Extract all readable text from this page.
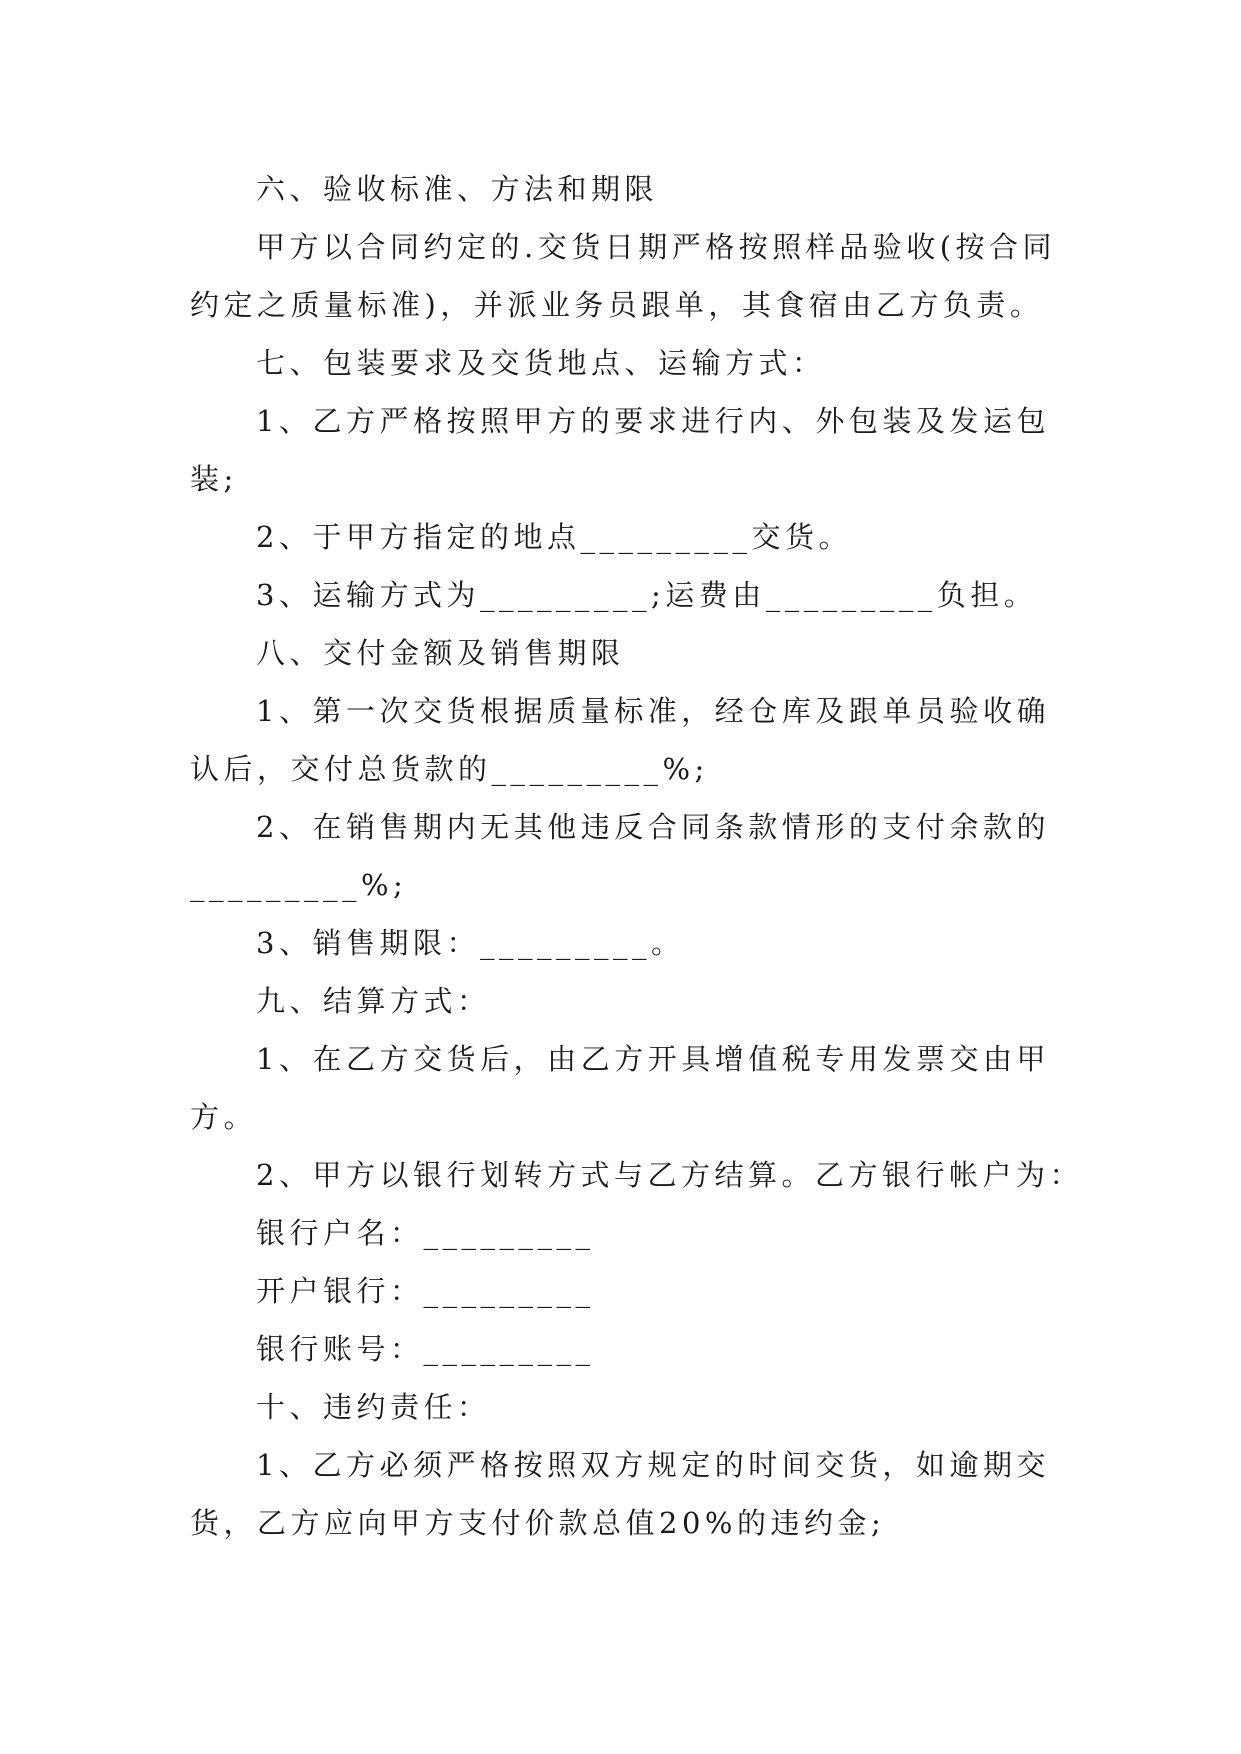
六、验收标准、方法和期限
甲方以合同约定的.交货日期严格按照样品验收(按合同
约定之质量标准)，并派业务员跟单，其食宿由乙方负责。
七、包装要求及交货地点、运输方式：
1、乙方严格按照甲方的要求进行内、外包装及发运包
装;
2、于甲方指定的地点_________交货。
3、运输方式为_________;运费由_________负担。
八、交付金额及销售期限
1、第一次交货根据质量标准，经仓库及跟单员验收确
认后，交付总货款的_________%;
2、在销售期内无其他违反合同条款情形的支付余款的
_________%;
3、销售期限：_________。
九、结算方式：
1、在乙方交货后，由乙方开具增值税专用发票交由甲
方。
2、甲方以银行划转方式与乙方结算。乙方银行帐户为：
银行户名：_________
开户银行：_________
银行账号：_________
十、违约责任：
1、乙方必须严格按照双方规定的时间交货，如逾期交
货，乙方应向甲方支付价款总值20%的违约金;
